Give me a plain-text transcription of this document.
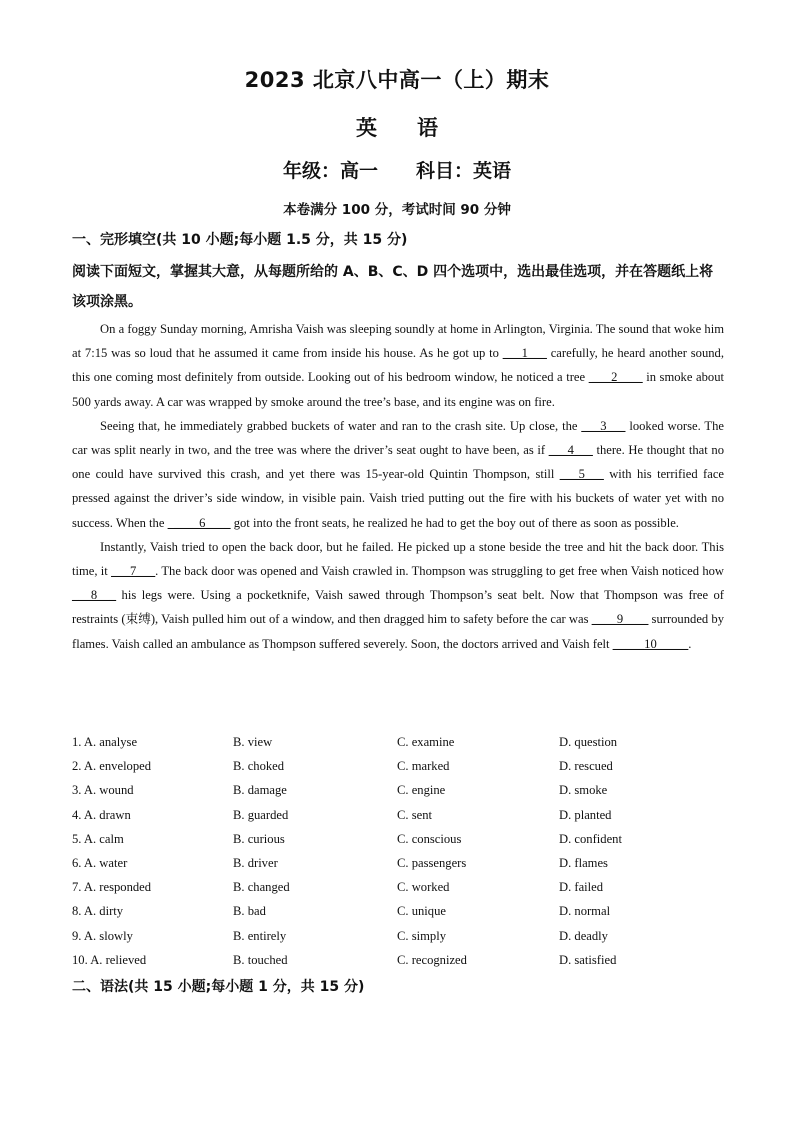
2023 北京八中高一（上）期末
英 语
年级：高一 科目：英语
本卷满分 100 分，考试时间 90 分钟
一、完形填空(共 10 小题;每小题 1.5 分，共 15 分)
阅读下面短文，掌握其大意，从每题所给的 A、B、C、D 四个选项中，选出最佳选项，并在答题纸上将该项涂黑。

On a foggy Sunday morning, Amrisha Vaish was sleeping soundly at home in Arlington, Virginia. The sound that woke him at 7:15 was so loud that he assumed it came from inside his house. As he got up to ___1___ carefully, he heard another sound, this one coming most definitely from outside. Looking out of his bedroom window, he noticed a tree  ___2____ in smoke about 500 yards away. A car was wrapped by smoke around the tree’s base, and its engine was on fire.

Seeing that, he immediately grabbed buckets of water and ran to the crash site. Up close, the ___3___ looked worse. The car was split nearly in two, and the tree was where the driver’s seat ought to have been, as if ___4___ there. He thought that no one could have survived this crash, and yet there was 15-year-old Quintin Thompson, still ___5___ with his terrified face pressed against the driver’s side window, in visible pain. Vaish tried putting out the fire with his buckets of water yet with no success. When the   ____6____ got into the front seats, he realized he had to get the boy out of there as soon as possible.

Instantly, Vaish tried to open the back door, but he failed. He picked up a stone beside the tree and hit the back door. This time, it ___7___. The back door was opened and Vaish crawled in. Thompson was struggling to get free when Vaish noticed how ___8___ his legs were. Using a pocketknife, Vaish sawed through Thompson’s seat belt. Now that Thompson was free of restraints (束缚), Vaish pulled him out of a window, and then dragged him to safety before the car was ____9____ surrounded by flames. Vaish called an ambulance as Thompson suffered severely. Soon, the doctors arrived and Vaish felt _____10_____.

1. A. analyse	B. view	C. examine	D. question
2. A. enveloped	B. choked	C. marked	D. rescued
3. A. wound	B. damage	C. engine	D. smoke
4. A. drawn	B. guarded	C. sent	D. planted
5. A. calm	B. curious	C. conscious	D. confident
6. A. water	B. driver	C. passengers	D. flames
7. A. responded	B. changed	C. worked	D. failed
8. A. dirty	B. bad	C. unique	D. normal
9. A. slowly	B. entirely	C. simply	D. deadly
10. A. relieved	B. touched	C. recognized	D. satisfied
二、语法(共 15 小题;每小题 1 分，共 15 分)
